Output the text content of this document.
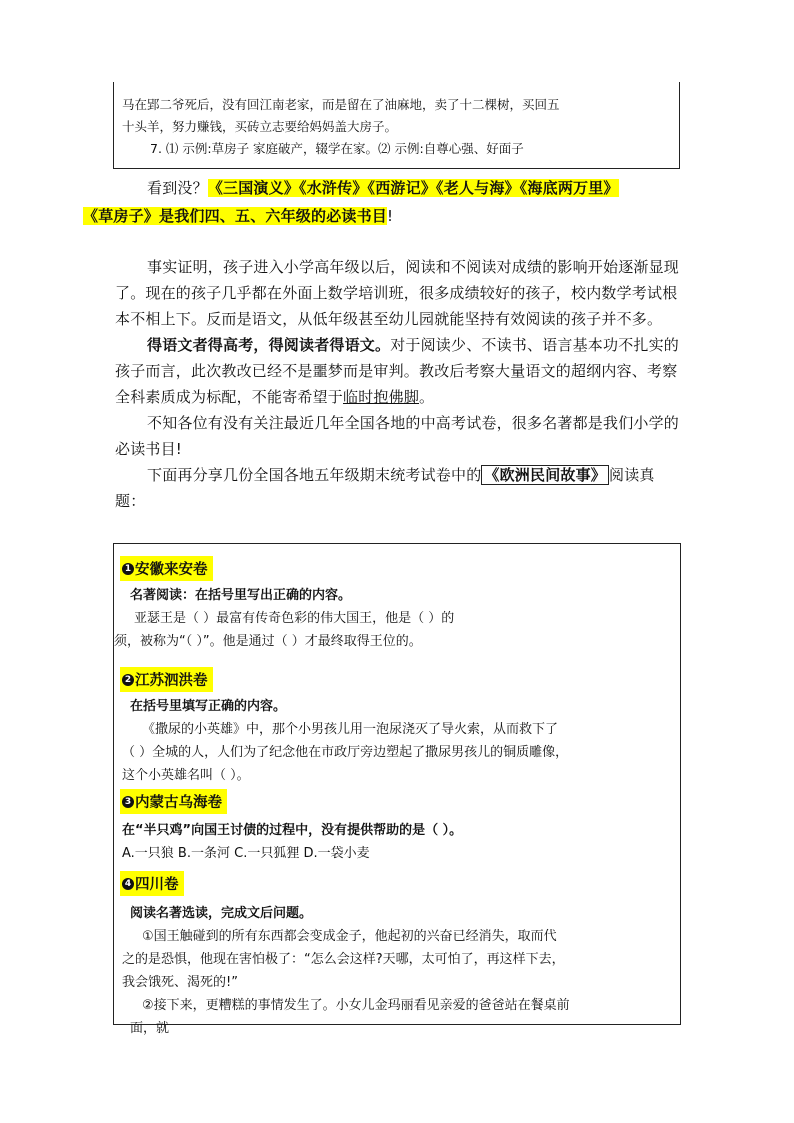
马在郢二爷死后，没有回江南老家，而是留在了油麻地，卖了十二棵树，买回五
十头羊，努力赚钱，买砖立志要给妈妈盖大房子。
7. ⑴ 示例:草房子 家庭破产，辍学在家。⑵ 示例:自尊心强、好面子

看到没？《三国演义》《水浒传》《西游记》《老人与海》《海底两万里》
《草房子》是我们四、五、六年级的必读书目!

事实证明，孩子进入小学高年级以后，阅读和不阅读对成绩的影响开始逐渐显现了。现在的孩子几乎都在外面上数学培训班，很多成绩较好的孩子，校内数学考试根本不相上下。反而是语文，从低年级甚至幼儿园就能坚持有效阅读的孩子并不多。

得语文者得高考，得阅读者得语文。对于阅读少、不读书、语言基本功不扎实的孩子而言，此次教改已经不是噩梦而是审判。教改后考察大量语文的超纲内容、考察全科素质成为标配，不能寄希望于临时抱佛脚。

不知各位有没有关注最近几年全国各地的中高考试卷，很多名著都是我们小学的必读书目!

下面再分享几份全国各地五年级期末统考试卷中的 《欧洲民间故事》 阅读真题：

1 安徽来安卷
名著阅读：在括号里写出正确的内容。
亚瑟王是（ ）最富有传奇色彩的伟大国王，他是（ ）的
须，被称为“（ ）”。他是通过（ ）才最终取得王位的。
2 江苏泗洪卷
在括号里填写正确的内容。
《撒尿的小英雄》中，那个小男孩儿用一泡尿浇灭了导火索，从而救下了
（ ）全城的人，人们为了纪念他在市政厅旁边塑起了撒尿男孩儿的铜质雕像，
这个小英雄名叫（ ）。
3 内蒙古乌海卷
在“半只鸡”向国王讨债的过程中，没有提供帮助的是（ ）。
A.一只狼 B.一条河 C.一只狐狸 D.一袋小麦
4 四川卷
阅读名著选读，完成文后问题。
①国王触碰到的所有东西都会变成金子，他起初的兴奋已经消失，取而代
之的是恐惧，他现在害怕极了：“怎么会这样?天哪，太可怕了，再这样下去，
我会饿死、渴死的!”
②接下来，更糟糕的事情发生了。小女儿金玛丽看见亲爱的爸爸站在餐桌前
面，就
